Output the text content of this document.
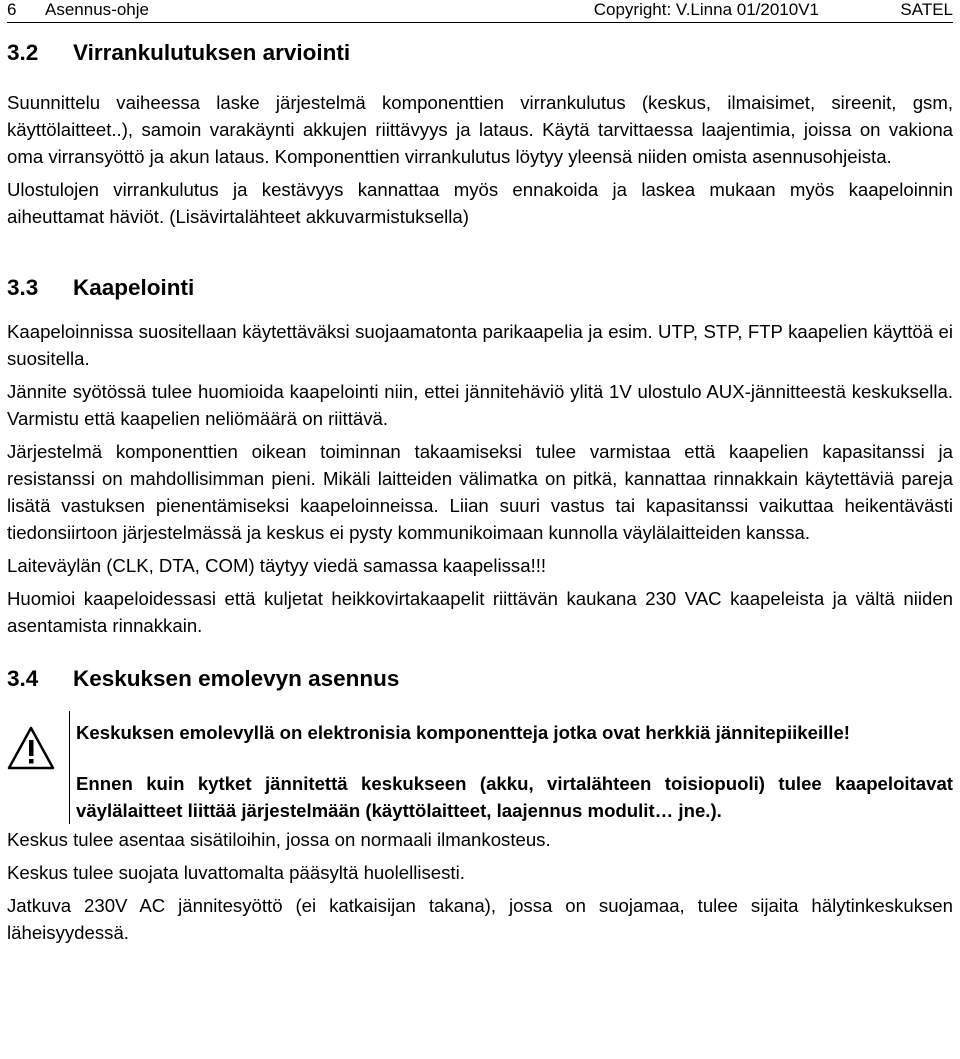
6	Asennus-ohje	Copyright: V.Linna 01/2010V1	SATEL
3.2	Virrankulutuksen arviointi

Suunnittelu vaiheessa laske järjestelmä komponenttien virrankulutus (keskus, ilmaisimet, sireenit, gsm, käyttölaitteet..), samoin varakäynti akkujen riittävyys ja lataus. Käytä tarvittaessa laajentimia, joissa on vakiona oma virransyöttö ja akun lataus. Komponenttien virrankulutus löytyy yleensä niiden omista asennusohjeista.

Ulostulojen virrankulutus ja kestävyys kannattaa myös ennakoida ja laskea mukaan myös kaapeloinnin aiheuttamat häviöt. (Lisävirtalähteet akkuvarmistuksella)

3.3	Kaapelointi

Kaapeloinnissa suositellaan käytettäväksi suojaamatonta parikaapelia ja esim. UTP, STP, FTP kaapelien käyttöä ei suositella.

Jännite syötössä tulee huomioida kaapelointi niin, ettei jännitehäviö ylitä 1V ulostulo AUX-jännitteestä keskuksella. Varmistu että kaapelien neliömäärä on riittävä.

Järjestelmä komponenttien oikean toiminnan takaamiseksi tulee varmistaa että kaapelien kapasitanssi ja resistanssi on mahdollisimman pieni. Mikäli laitteiden välimatka on pitkä, kannattaa rinnakkain käytettäviä pareja lisätä vastuksen pienentämiseksi kaapeloinneissa. Liian suuri vastus tai kapasitanssi vaikuttaa heikentävästi tiedonsiirtoon järjestelmässä ja keskus ei pysty kommunikoimaan kunnolla väylälaitteiden kanssa.

Laiteväylän (CLK, DTA, COM) täytyy viedä samassa kaapelissa!!!

Huomioi kaapeloidessasi että kuljetat heikkovirtakaapelit riittävän kaukana 230 VAC kaapeleista ja vältä niiden asentamista rinnakkain.

3.4	Keskuksen emolevyn asennus

Keskuksen emolevyllä on elektronisia komponentteja jotka ovat herkkiä jännitepiikeille!

Ennen kuin kytket jännitettä keskukseen (akku, virtalähteen toisiopuoli) tulee kaapeloitavat väylälaitteet liittää järjestelmään (käyttölaitteet, laajennus modulit… jne.).

Keskus tulee asentaa sisätiloihin, jossa on normaali ilmankosteus.

Keskus tulee suojata luvattomalta pääsyltä huolellisesti.

Jatkuva 230V AC jännitesyöttö (ei katkaisijan takana), jossa on suojamaa, tulee sijaita hälytinkeskuksen läheisyydessä.
